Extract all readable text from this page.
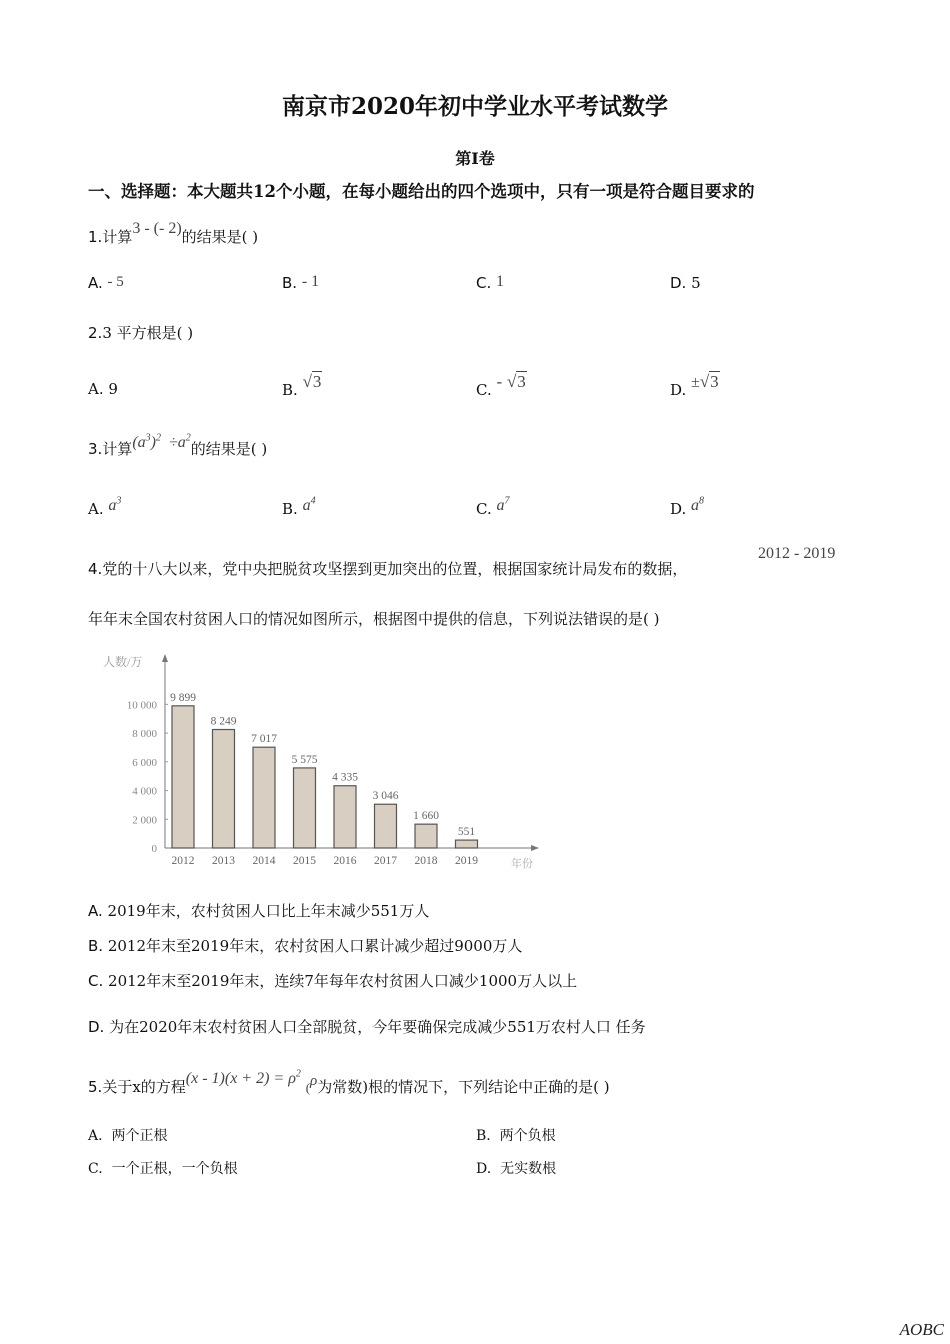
南京市2020年初中学业水平考试数学
第Ⅰ卷
一、选择题：本大题共12个小题，在每小题给出的四个选项中，只有一项是符合题目要求的
1.计算3 - (- 2)的结果是( )
A. - 5	B. - 1	C. 1	D. 5
2.3 平方根是( )
A. 9	B. √3	C. - √3	D. ±√3
3.计算$(a^3)^2 \div a^2$的结果是( )
A. $a^3$	B. $a^4$	C. $a^7$	D. $a^8$
4.党的十八大以来，党中央把脱贫攻坚摆到更加突出的位置，根据国家统计局发布的数据，
2012 - 2019
年年末全国农村贫困人口的情况如图所示，根据图中提供的信息，下列说法错误的是( )
人数/万
年份
0
2 000
4 000
6 000
8 000
10 000
9 899
2012
8 249
2013
7 017
2014
5 575
2015
4 335
2016
3 046
2017
1 660
2018
551
2019
A. 2019年末，农村贫困人口比上年末减少551万人
B. 2012年末至2019年末，农村贫困人口累计减少超过9000万人
C. 2012年末至2019年末，连续7年每年农村贫困人口减少1000万人以上
D. 为在2020年末农村贫困人口全部脱贫，今年要确保完成减少551万农村人口 任务
5.关于x的方程$(x - 1)(x + 2) = \rho^2$ (ρ为常数)根的情况下，下列结论中正确的是( )
A. 两个正根	B. 两个负根
C. 一个正根，一个负根	D. 无实数根
AOBC
